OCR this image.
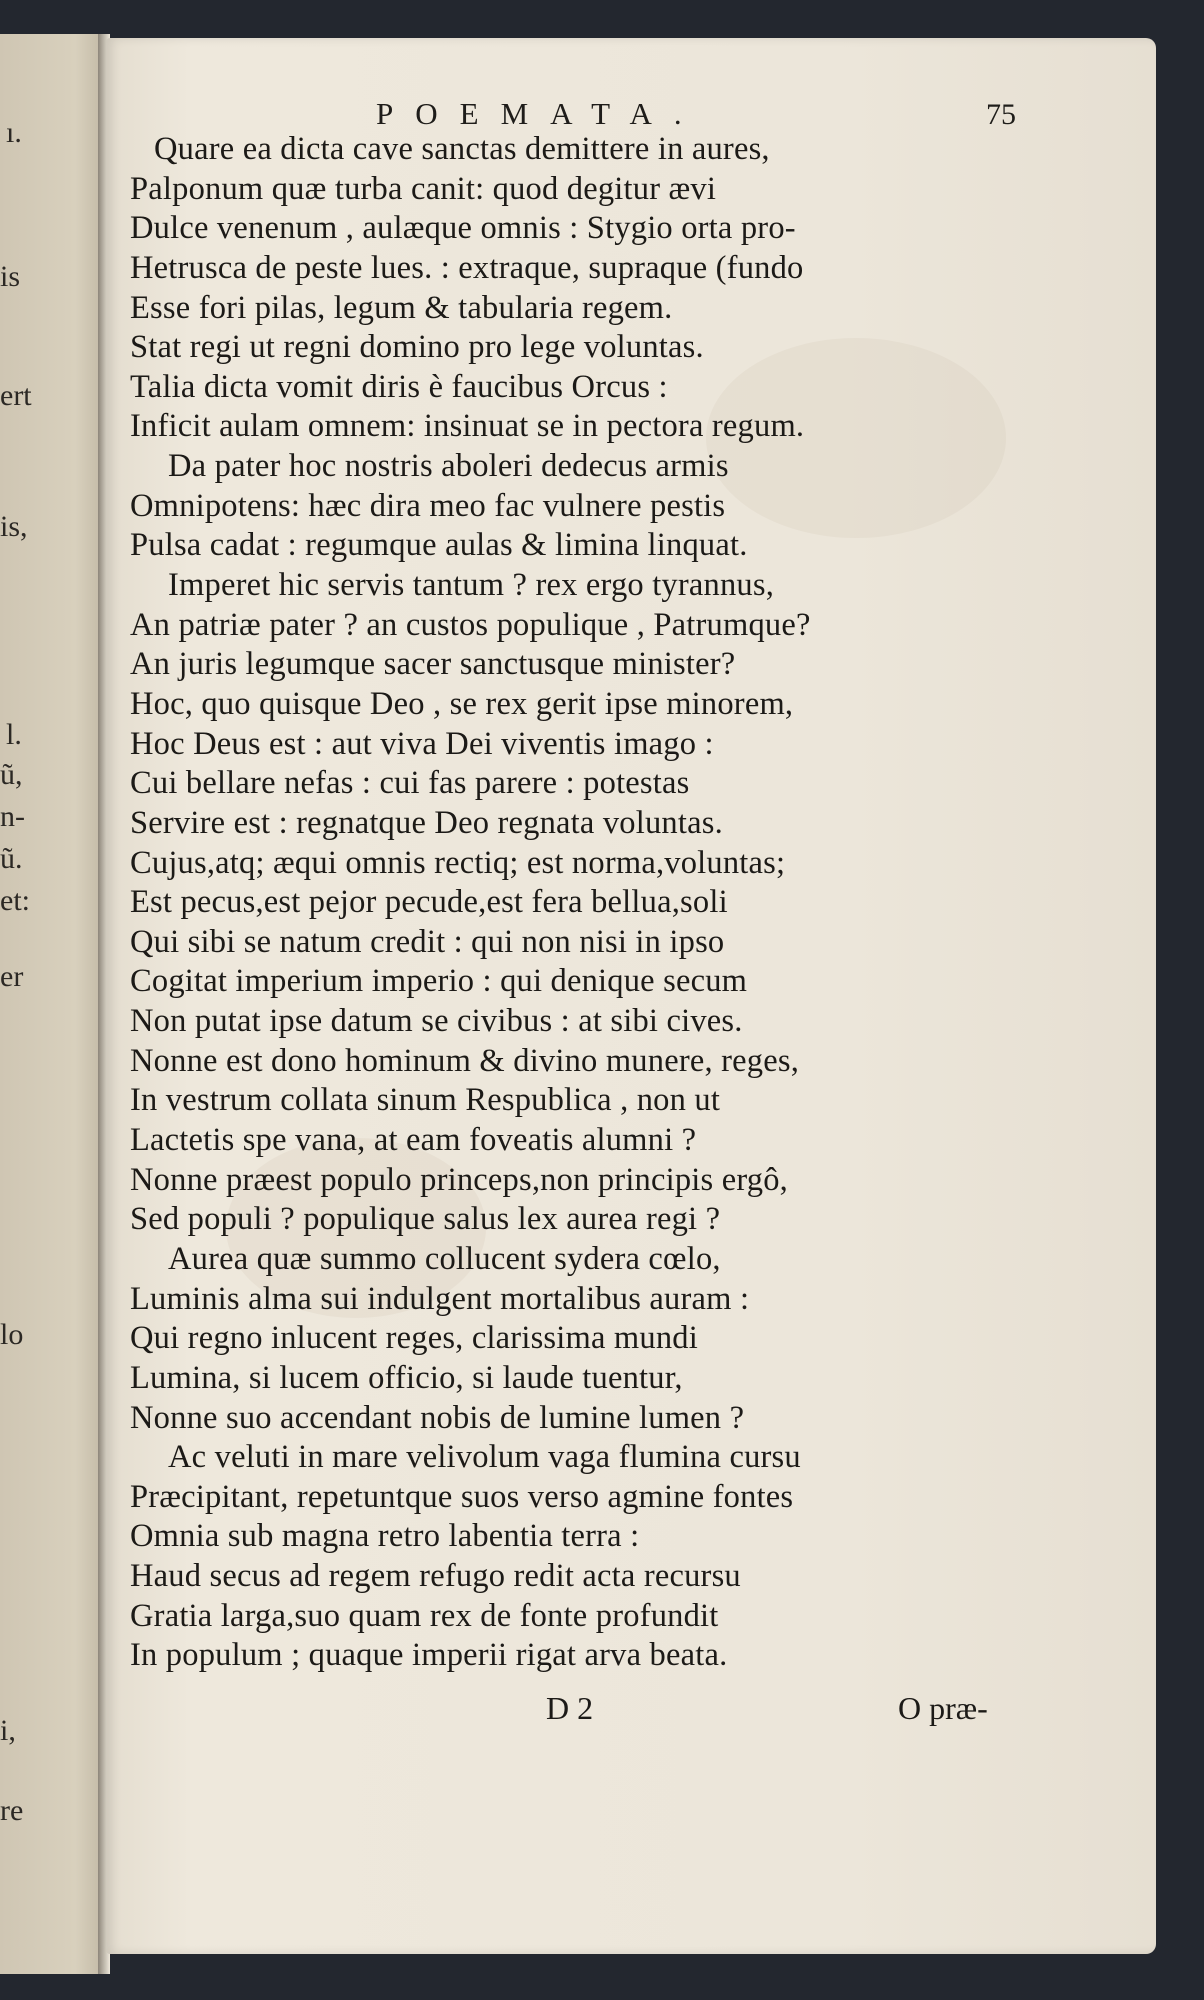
ı.
is
ert
is,
l.
ũ,
n-
ũ.
et:
er
lo
i,
re
POEMATA.	75
Quare ea dicta cave sanctas demittere in aures,
Palponum quæ turba canit: quod degitur ævi
Dulce venenum , aulæque omnis : Stygio orta pro-
Hetrusca de peste lues. : extraque, supraque (fundo
Esse fori pilas, legum & tabularia regem.
Stat regi ut regni domino pro lege voluntas.
Talia dicta vomit diris è faucibus Orcus :
Inficit aulam omnem: insinuat se in pectora regum.
Da pater hoc nostris aboleri dedecus armis
Omnipotens: hæc dira meo fac vulnere pestis
Pulsa cadat : regumque aulas & limina linquat.
Imperet hic servis tantum ? rex ergo tyrannus,
An patriæ pater ? an custos populique , Patrumque?
An juris legumque sacer sanctusque minister?
Hoc, quo quisque Deo , se rex gerit ipse minorem,
Hoc Deus est : aut viva Dei viventis imago :
Cui bellare nefas : cui fas parere : potestas
Servire est : regnatque Deo regnata voluntas.
Cujus,atq; æqui omnis rectiq; est norma,voluntas;
Est pecus,est pejor pecude,est fera bellua,soli
Qui sibi se natum credit : qui non nisi in ipso
Cogitat imperium imperio : qui denique secum
Non putat ipse datum se civibus : at sibi cives.
Nonne est dono hominum & divino munere, reges,
In vestrum collata sinum Respublica , non ut
Lactetis spe vana, at eam foveatis alumni ?
Nonne præest populo princeps,non principis ergô,
Sed populi ? populique salus lex aurea regi ?
Aurea quæ summo collucent sydera cœlo,
Luminis alma sui indulgent mortalibus auram :
Qui regno inlucent reges, clarissima mundi
Lumina, si lucem officio, si laude tuentur,
Nonne suo accendant nobis de lumine lumen ?
Ac veluti in mare velivolum vaga flumina cursu
Præcipitant, repetuntque suos verso agmine fontes
Omnia sub magna retro labentia terra :
Haud secus ad regem refugo redit acta recursu
Gratia larga,suo quam rex de fonte profundit
In populum ; quaque imperii rigat arva beata.
D 2	O præ-
